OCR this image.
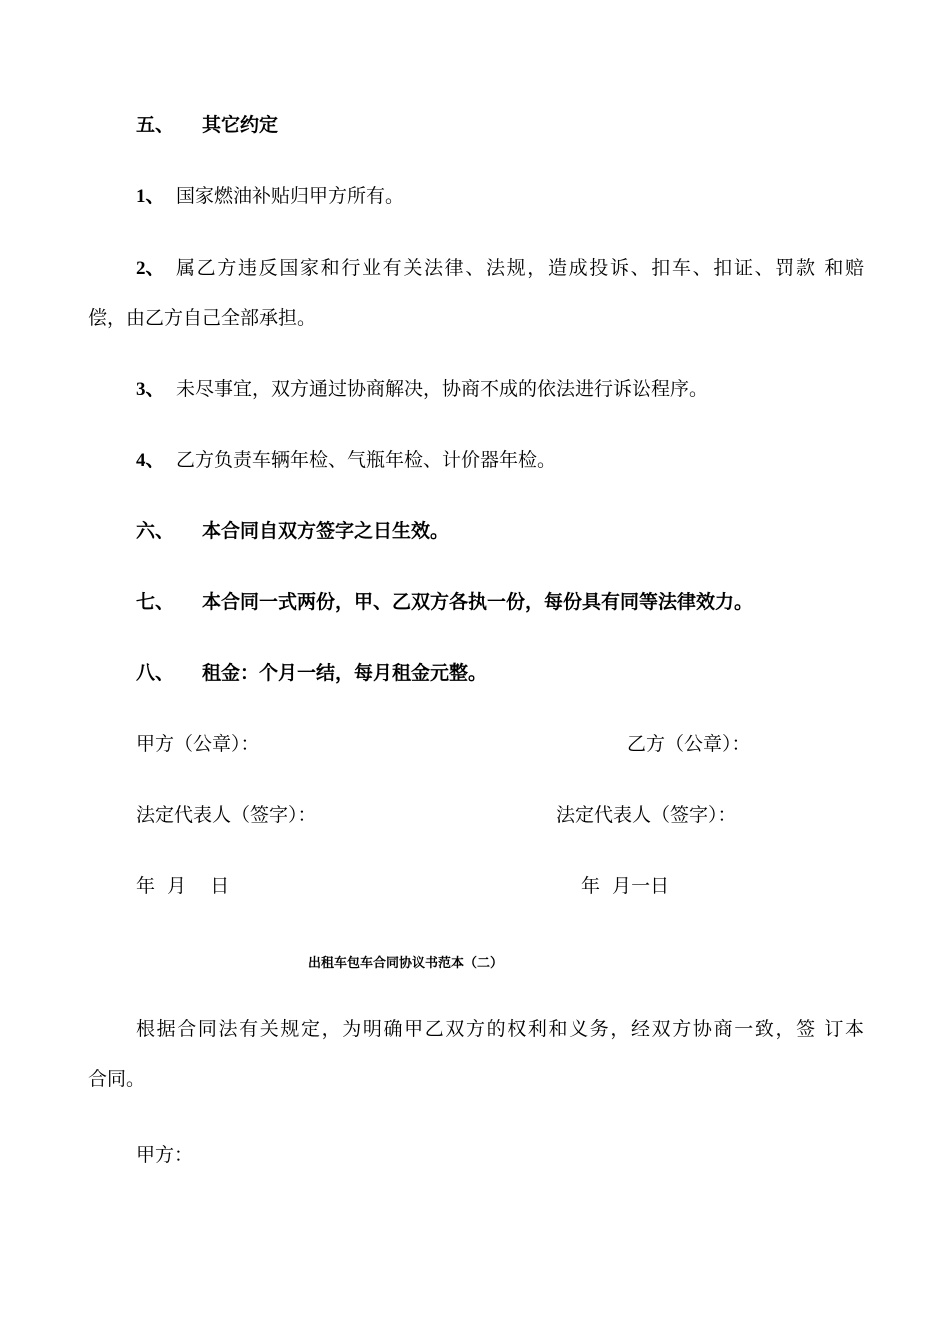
五、 其它约定
1、 国家燃油补贴归甲方所有。
2、 属乙方违反国家和行业有关法律、法规，造成投诉、扣车、扣证、罚款 和赔
偿，由乙方自己全部承担。
3、 未尽事宜，双方通过协商解决，协商不成的依法进行诉讼程序。
4、 乙方负责车辆年检、气瓶年检、计价器年检。
六、 本合同自双方签字之日生效。
七、 本合同一式两份，甲、乙双方各执一份，每份具有同等法律效力。
八、 租金：个月一结，每月租金元整。
甲方（公章）：	乙方（公章）：
法定代表人（签字）：	法定代表人（签字）：
年  月    日	年  月一日
出租车包车合同协议书范本（二）
根据合同法有关规定，为明确甲乙双方的权利和义务，经双方协商一致，签 订本
合同。
甲方：
